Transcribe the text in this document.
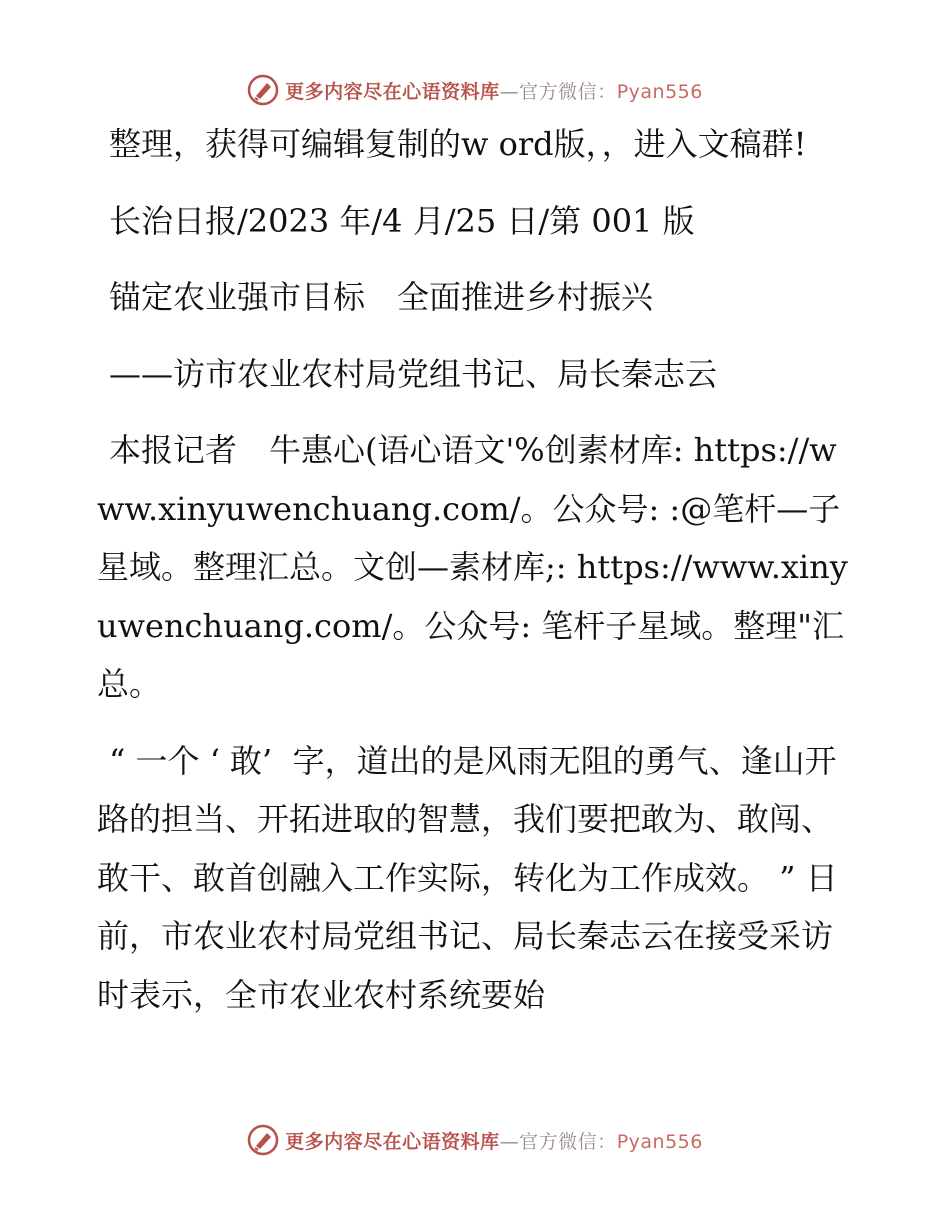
更多内容尽在心语资料库—官方微信：Pyan556

整理，获得可编辑复制的w ord版，，进入文稿群!

长治日报/2023 年/4 月/25 日/第 001 版

锚定农业强市目标　全面推进乡村振兴

——访市农业农村局党组书记、局长秦志云

本报记者　牛惠心(语心语文'%创素材库: https://www.xinyuwenchuang.com/。公众号: :@笔杆—子星域。整理汇总。文创—素材库;: https://www.xinyuwenchuang.com/。公众号: 笔杆子星域。整理"汇总。

“ 一个 ‘ 敢’  字，道出的是风雨无阻的勇气、逢山开路的担当、开拓进取的智慧，我们要把敢为、敢闯、敢干、敢首创融入工作实际，转化为工作成效。 ” 日前，市农业农村局党组书记、局长秦志云在接受采访时表示，全市农业农村系统要始

更多内容尽在心语资料库—官方微信：Pyan556
